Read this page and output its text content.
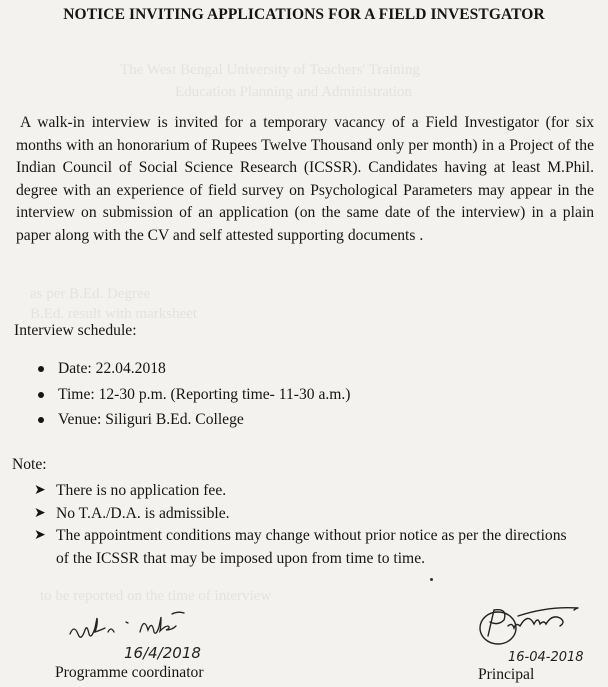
The West Bengal University of Teachers' Training
Education Planning and Administration
as per B.Ed. Degree
B.Ed. result with marksheet
to be reported on the time of interview
NOTICE INVITING APPLICATIONS FOR A FIELD INVESTGATOR

A walk-in interview is invited for a temporary vacancy of a Field Investigator (for six months with an honorarium of Rupees Twelve Thousand only per month) in a Project of the Indian Council of Social Science Research (ICSSR). Candidates having at least M.Phil. degree with an experience of field survey on Psychological Parameters may appear in the interview on submission of an application (on the same date of the interview) in a plain paper along with the CV and self attested supporting documents .

Interview schedule:
Date: 22.04.2018
Time: 12-30 p.m. (Reporting time- 11-30 a.m.)
Venue: Siliguri B.Ed. College
Note:
➤ There is no application fee.
➤ No T.A./D.A. is admissible.
➤ The appointment conditions may change without prior notice as per the directions of the ICSSR that may be imposed upon from time to time.
16/4/2018	16-04-2018
Programme coordinator	Principal
